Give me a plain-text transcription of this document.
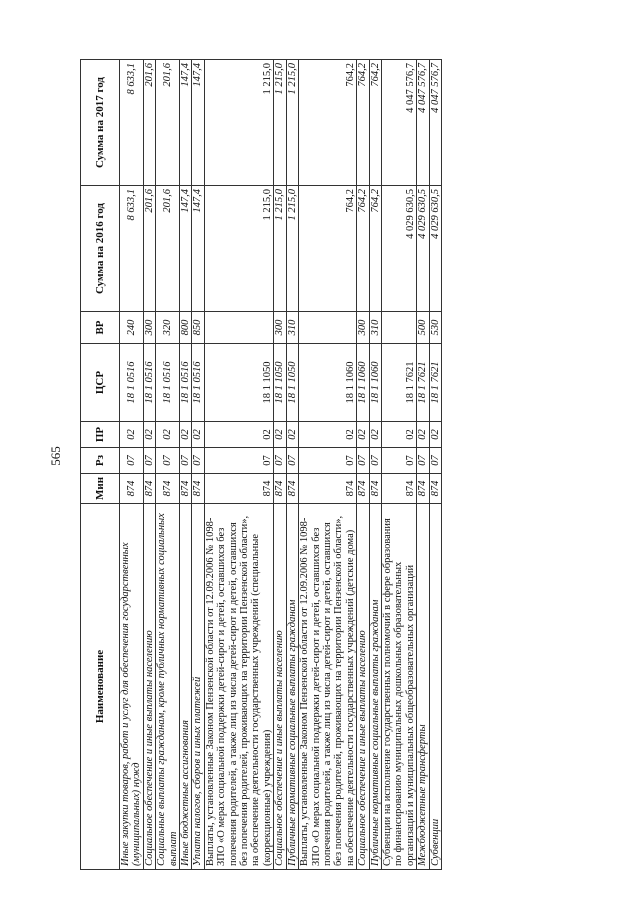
565
Наименование	Мин	Рз	ПР	ЦСР	ВР	Сумма на 2016 год	Сумма на 2017 год
Иные закупки товаров, работ и услуг для обеспечения государственных (муниципальных) нужд	874	07	02	18 1 0516	240	8 633,1	8 633,1
Социальное обеспечение и иные выплаты населению	874	07	02	18 1 0516	300	201,6	201,6
Социальные выплаты гражданам, кроме публичных нормативных социальных выплат	874	07	02	18 1 0516	320	201,6	201,6
Иные бюджетные ассигнования	874	07	02	18 1 0516	800	147,4	147,4
Уплата налогов, сборов и иных платежей	874	07	02	18 1 0516	850	147,4	147,4
Выплаты, установленные Законом Пензенской области от 12.09.2006 № 1098-ЗПО «О мерах социальной поддержки детей-сирот и детей, оставшихся без попечения родителей, а также лиц из числа детей-сирот и детей, оставшихся без попечения родителей, проживающих на территории Пензенской области», на обеспечение деятельности государственных учреждений (специальные (коррекционные) учреждения)	874	07	02	18 1 1050		1 215,0	1 215,0
Социальное обеспечение и иные выплаты населению	874	07	02	18 1 1050	300	1 215,0	1 215,0
Публичные нормативные социальные выплаты гражданам	874	07	02	18 1 1050	310	1 215,0	1 215,0
Выплаты, установленные Законом Пензенской области от 12.09.2006 № 1098-ЗПО «О мерах социальной поддержки детей-сирот и детей, оставшихся без попечения родителей, а также лиц из числа детей-сирот и детей, оставшихся без попечения родителей, проживающих на территории Пензенской области», на обеспечение деятельности государственных учреждений (детские дома)	874	07	02	18 1 1060		764,2	764,2
Социальное обеспечение и иные выплаты населению	874	07	02	18 1 1060	300	764,2	764,2
Публичные нормативные социальные выплаты гражданам	874	07	02	18 1 1060	310	764,2	764,2
Субвенции на исполнение государственных полномочий в сфере образования по финансированию муниципальных дошкольных образовательных организаций и муниципальных общеобразовательных организаций	874	07	02	18 1 7621		4 029 630,5	4 047 576,7
Межбюджетные трансферты	874	07	02	18 1 7621	500	4 029 630,5	4 047 576,7
Субвенции	874	07	02	18 1 7621	530	4 029 630,5	4 047 576,7
